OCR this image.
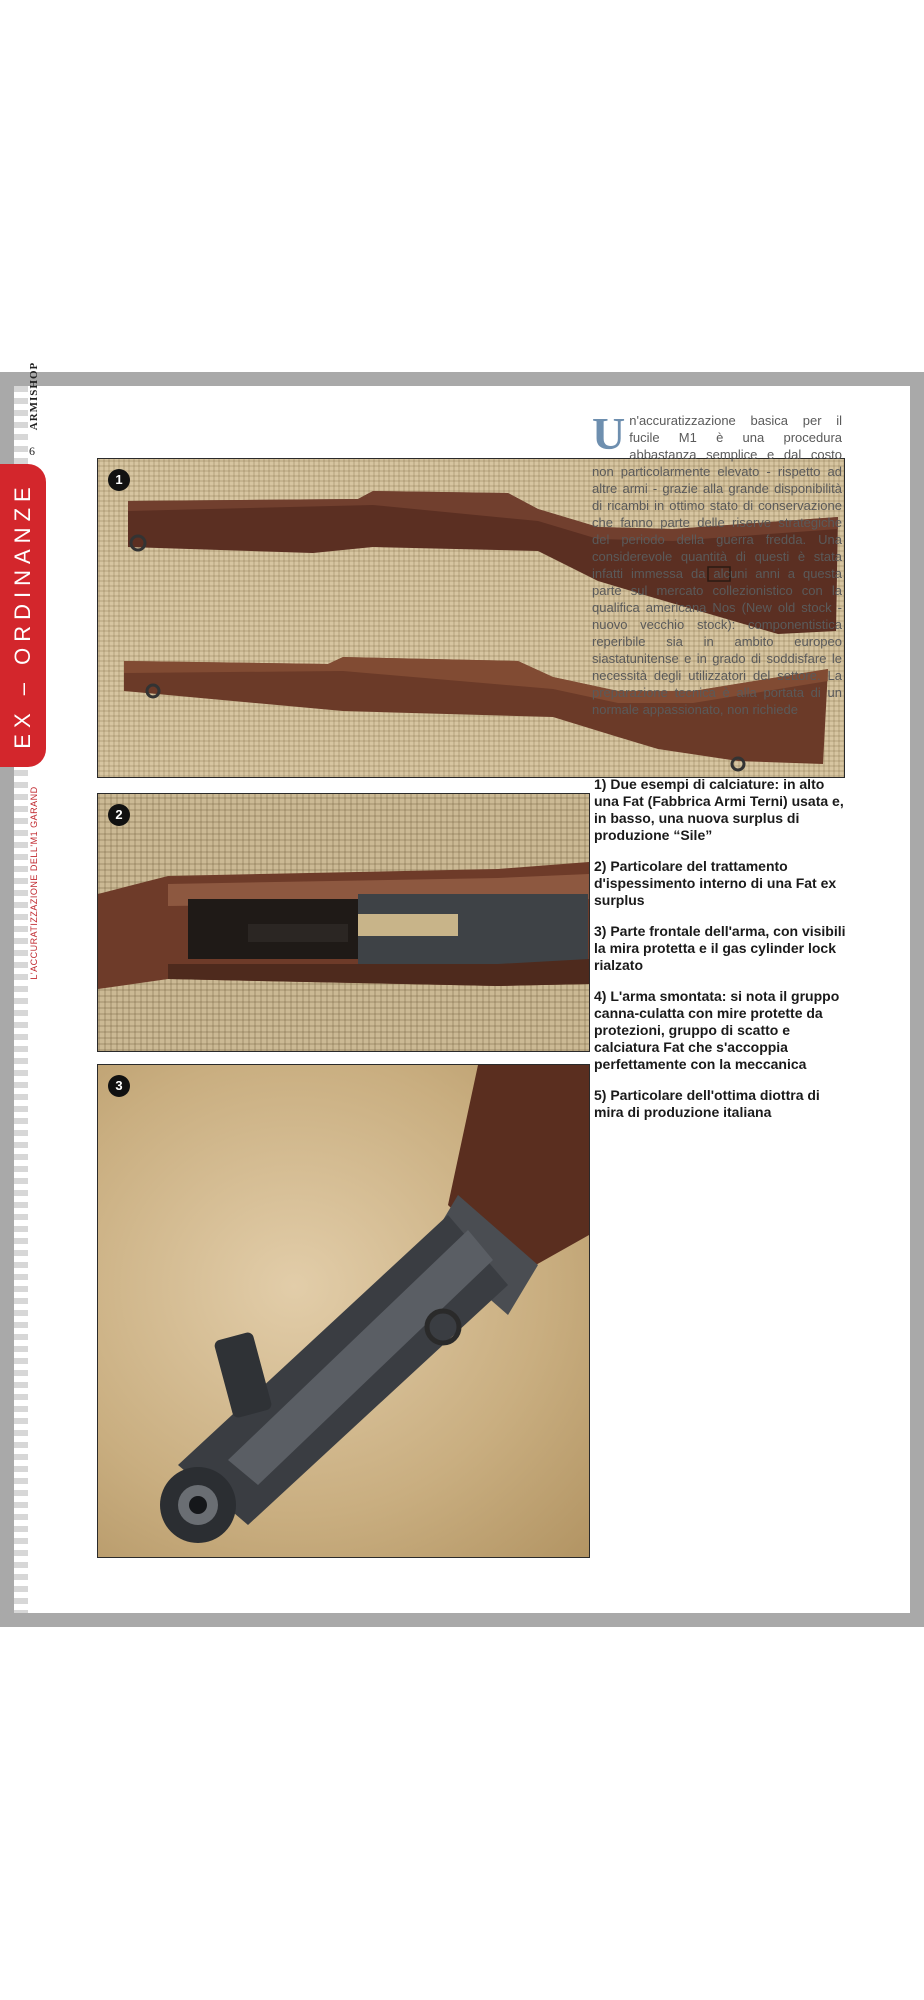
ARMISHOP
6
EX – ORDINANZE
L'ACCURATIZZAZIONE DELL'M1 GARAND
1
2
3
Un'accuratizzazione basica per il fucile M1 è una procedura abbastanza semplice e dal costo non particolarmente elevato - rispetto ad altre armi - grazie alla grande disponibilità di ricambi in ottimo stato di conservazione che fanno parte delle riserve strategiche del periodo della guerra fredda. Una considerevole quantità di questi è stata infatti immessa da alcuni anni a questa parte sul mercato collezionistico con la qualifica americana Nos (New old stock - nuovo vecchio stock): componentistica reperibile sia in ambito europeo siastatunitense e in grado di soddisfare le necessità degli utilizzatori del settore. La preparazione tecnica è alla portata di un normale appassionato, non richiede

1) Due esempi di calciature: in alto una Fat (Fabbrica Armi Terni) usata e, in basso, una nuova surplus di produzione “Sile”

2) Particolare del trattamento d'ispessimento interno di una Fat ex surplus

3) Parte frontale dell'arma, con visibili la mira protetta e il gas cylinder lock rialzato

4) L'arma smontata: si nota il gruppo canna-culatta con mire protette da protezioni, gruppo di scatto e calciatura Fat che s'accoppia perfettamente con la meccanica

5) Particolare dell'ottima diottra di mira di produzione italiana
